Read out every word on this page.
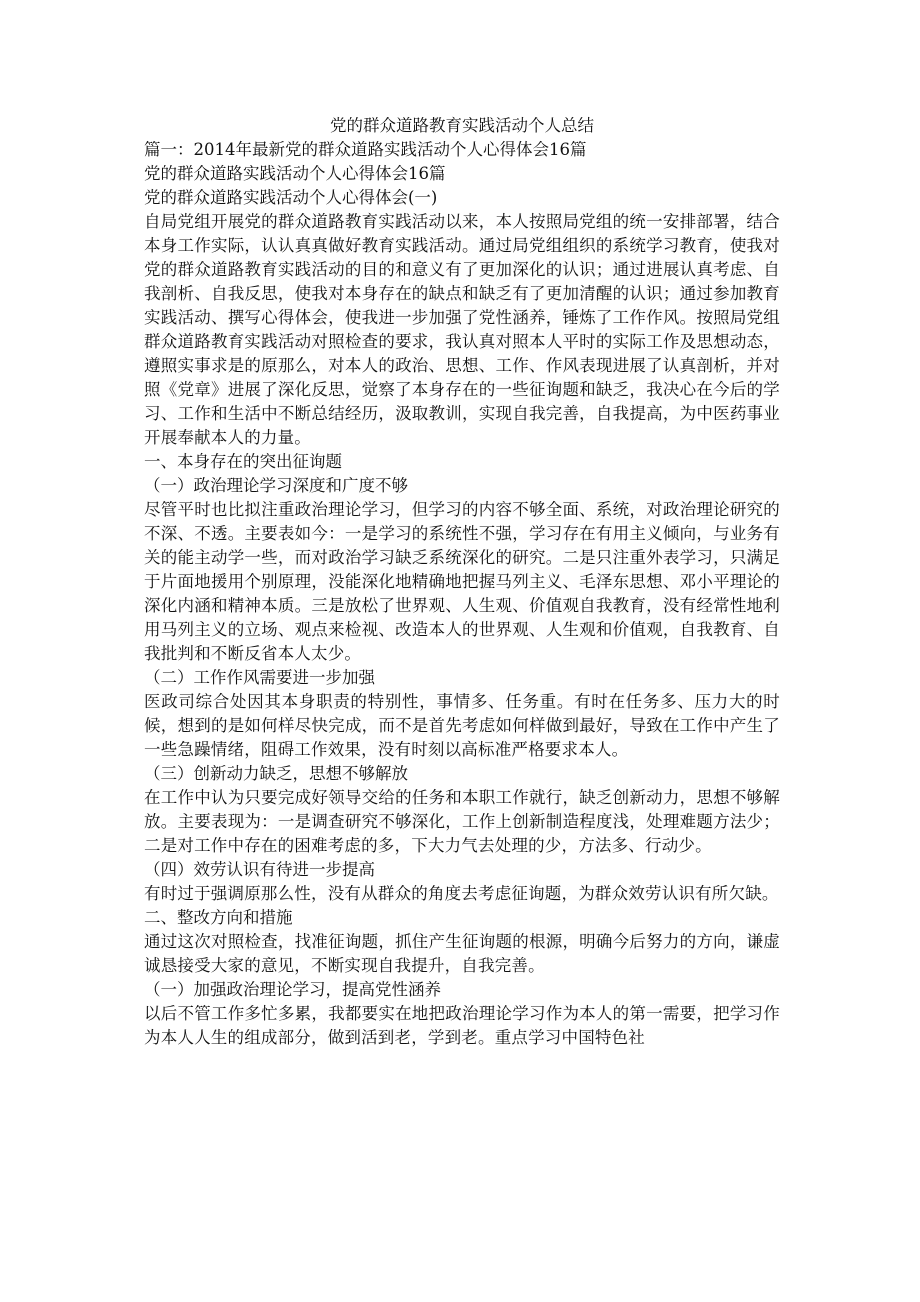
党的群众道路教育实践活动个人总结

篇一：2014年最新党的群众道路实践活动个人心得体会16篇

党的群众道路实践活动个人心得体会16篇

党的群众道路实践活动个人心得体会(一)

自局党组开展党的群众道路教育实践活动以来，本人按照局党组的统一安排部署，结合本身工作实际，认认真真做好教育实践活动。通过局党组组织的系统学习教育，使我对党的群众道路教育实践活动的目的和意义有了更加深化的认识；通过进展认真考虑、自我剖析、自我反思，使我对本身存在的缺点和缺乏有了更加清醒的认识；通过参加教育实践活动、撰写心得体会，使我进一步加强了党性涵养，锤炼了工作作风。按照局党组群众道路教育实践活动对照检查的要求，我认真对照本人平时的实际工作及思想动态，遵照实事求是的原那么，对本人的政治、思想、工作、作风表现进展了认真剖析，并对照《党章》进展了深化反思，觉察了本身存在的一些征询题和缺乏，我决心在今后的学习、工作和生活中不断总结经历，汲取教训，实现自我完善，自我提高，为中医药事业开展奉献本人的力量。

一、本身存在的突出征询题

（一）政治理论学习深度和广度不够

尽管平时也比拟注重政治理论学习，但学习的内容不够全面、系统，对政治理论研究的不深、不透。主要表如今：一是学习的系统性不强，学习存在有用主义倾向，与业务有关的能主动学一些，而对政治学习缺乏系统深化的研究。二是只注重外表学习，只满足于片面地援用个别原理，没能深化地精确地把握马列主义、毛泽东思想、邓小平理论的深化内涵和精神本质。三是放松了世界观、人生观、价值观自我教育，没有经常性地利用马列主义的立场、观点来检视、改造本人的世界观、人生观和价值观，自我教育、自我批判和不断反省本人太少。

（二）工作作风需要进一步加强

医政司综合处因其本身职责的特别性，事情多、任务重。有时在任务多、压力大的时候，想到的是如何样尽快完成，而不是首先考虑如何样做到最好，导致在工作中产生了一些急躁情绪，阻碍工作效果，没有时刻以高标准严格要求本人。

（三）创新动力缺乏，思想不够解放

在工作中认为只要完成好领导交给的任务和本职工作就行，缺乏创新动力，思想不够解放。主要表现为：一是调查研究不够深化，工作上创新制造程度浅，处理难题方法少；二是对工作中存在的困难考虑的多，下大力气去处理的少，方法多、行动少。

（四）效劳认识有待进一步提高

有时过于强调原那么性，没有从群众的角度去考虑征询题，为群众效劳认识有所欠缺。

二、整改方向和措施

通过这次对照检查，找准征询题，抓住产生征询题的根源，明确今后努力的方向，谦虚诚恳接受大家的意见，不断实现自我提升，自我完善。

（一）加强政治理论学习，提高党性涵养

以后不管工作多忙多累，我都要实在地把政治理论学习作为本人的第一需要，把学习作为本人人生的组成部分，做到活到老，学到老。重点学习中国特色社
